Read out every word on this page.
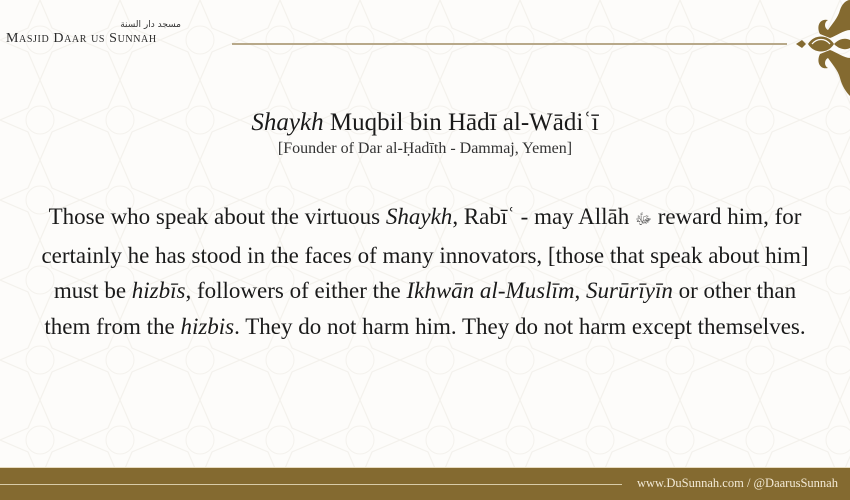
مسجد دار السنة
Masjid Daar us Sunnah
Shaykh Muqbil bin Hādī al-Wādiʿī
[Founder of Dar al-Ḥadīth - Dammaj, Yemen]
Those who speak about the virtuous Shaykh, Rabīʿ - may Allāh ﷻ reward him, for certainly he has stood in the faces of many innovators, [those that speak about him] must be hizbīs, followers of either the Ikhwān al-Muslīm, Surūrīyīn or other than them from the hizbis. They do not harm him. They do not harm except themselves.
www.DuSunnah.com / @DaarusSunnah
